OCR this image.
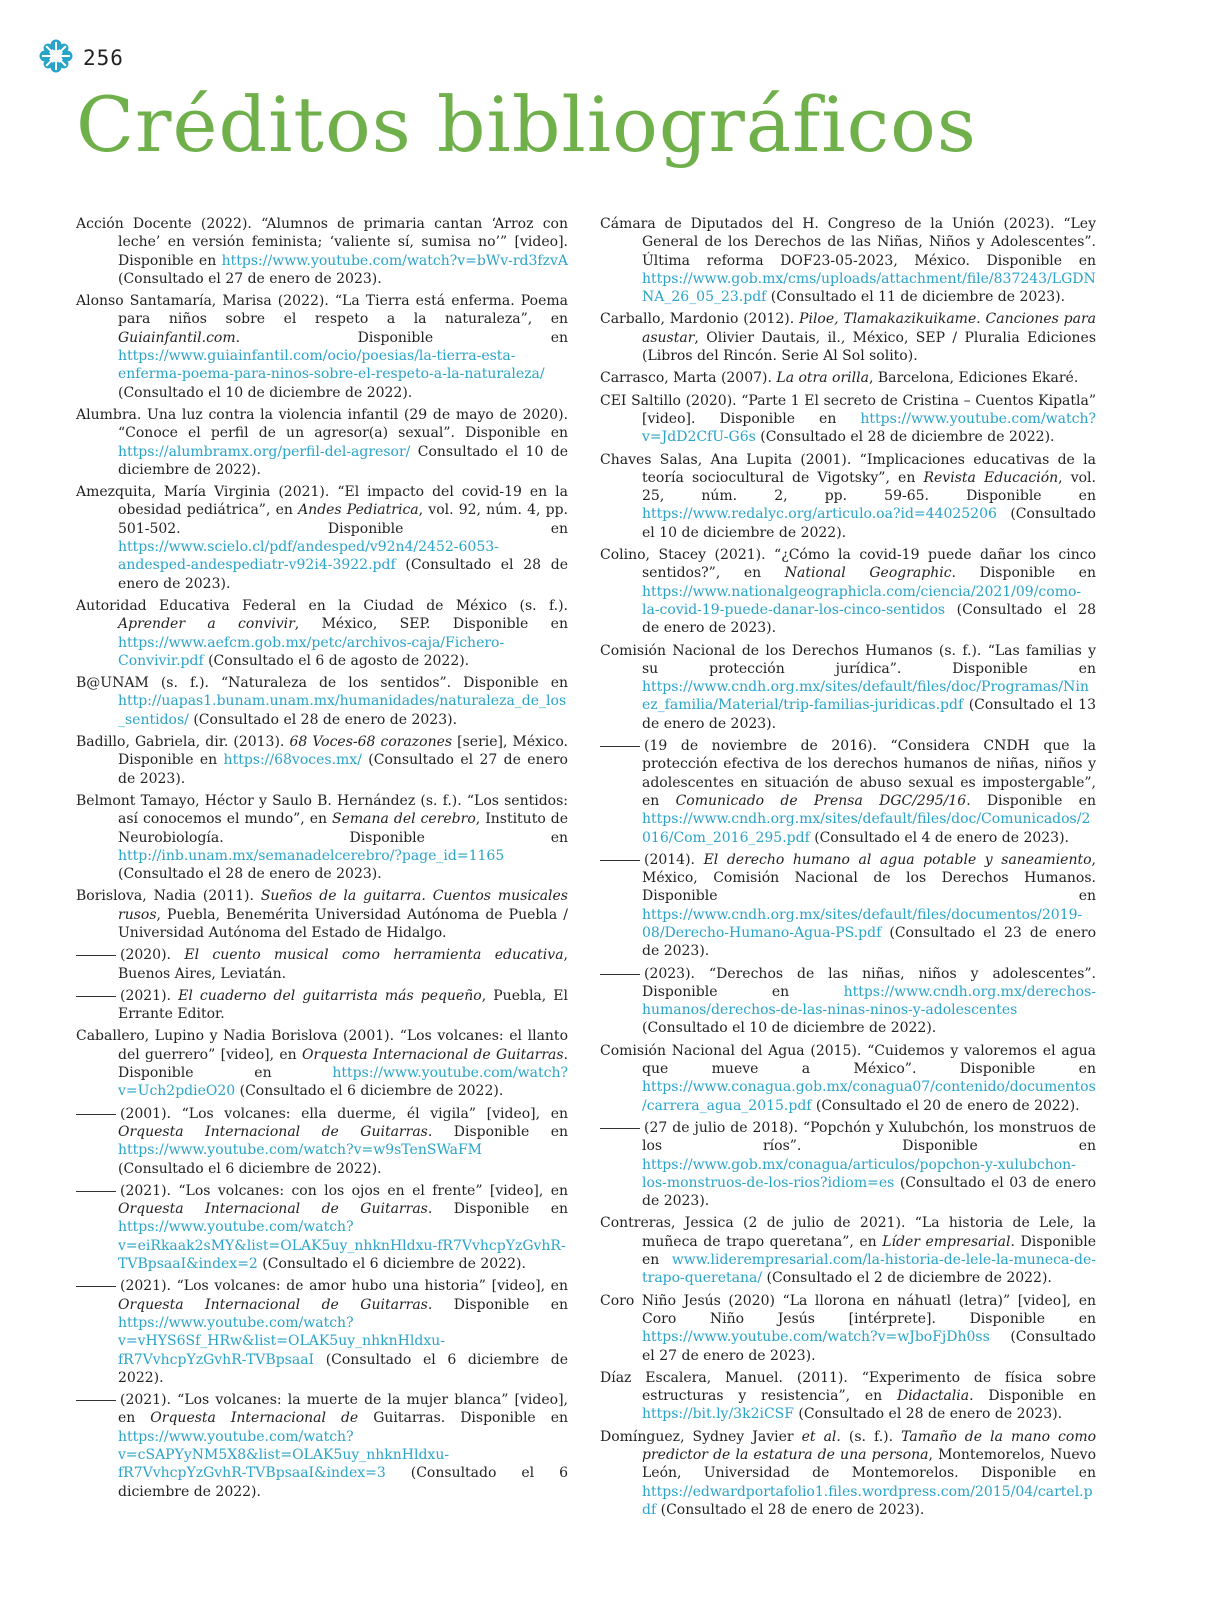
256
Créditos bibliográficos

Acción Docente (2022). “Alumnos de primaria cantan ‘Arroz con leche’ en versión feminista; ‘valiente sí, sumisa no’” [video]. Disponible en https://www.youtube.com/watch?v=bWv-rd3fzvA (Consultado el 27 de enero de 2023).

Alonso Santamaría, Marisa (2022). “La Tierra está enferma. Poema para niños sobre el respeto a la naturaleza”, en Guiainfantil.com. Disponible en https://www.guiainfantil.com/ocio/poesias/la-tierra-esta-enferma-poema-para-ninos-sobre-el-respeto-a-la-naturaleza/ (Consultado el 10 de diciembre de 2022).

Alumbra. Una luz contra la violencia infantil (29 de mayo de 2020). “Conoce el perfil de un agresor(a) sexual”. Disponible en https://alumbramx.org/perfil-del-agresor/ Consultado el 10 de diciembre de 2022).

Amezquita, María Virginia (2021). “El impacto del covid-19 en la obesidad pediátrica”, en Andes Pediatrica, vol. 92, núm. 4, pp. 501-502. Disponible en https://www.scielo.cl/pdf/andesped/v92n4/2452-6053-andesped-andespediatr-v92i4-3922.pdf (Consultado el 28 de enero de 2023).

Autoridad Educativa Federal en la Ciudad de México (s. f.). Aprender a convivir, México, SEP. Disponible en https://www.aefcm.gob.mx/petc/archivos-caja/Fichero-Convivir.pdf (Consultado el 6 de agosto de 2022).

B@UNAM (s. f.). “Naturaleza de los sentidos”. Disponible en http://uapas1.bunam.unam.mx/humanidades/naturaleza_de_los_sentidos/ (Consultado el 28 de enero de 2023).

Badillo, Gabriela, dir. (2013). 68 Voces-68 corazones [serie], México. Disponible en https://68voces.mx/ (Consultado el 27 de enero de 2023).

Belmont Tamayo, Héctor y Saulo B. Hernández (s. f.). “Los sentidos: así conocemos el mundo”, en Semana del cerebro, Instituto de Neurobiología. Disponible en http://inb.unam.mx/semanadelcerebro/?page_id=1165 (Consultado el 28 de enero de 2023).

Borislova, Nadia (2011). Sueños de la guitarra. Cuentos musicales rusos, Puebla, Benemérita Universidad Autónoma de Puebla / Universidad Autónoma del Estado de Hidalgo.

(2020). El cuento musical como herramienta educativa, Buenos Aires, Leviatán.

(2021). El cuaderno del guitarrista más pequeño, Puebla, El Errante Editor.

Caballero, Lupino y Nadia Borislova (2001). “Los volcanes: el llanto del guerrero” [video], en Orquesta Internacional de Guitarras. Disponible en https://www.youtube.com/watch?v=Uch2pdieO20 (Consultado el 6 diciembre de 2022).

(2001). “Los volcanes: ella duerme, él vigila” [video], en Orquesta Internacional de Guitarras. Disponible en https://www.youtube.com/watch?v=w9sTenSWaFM (Consultado el 6 diciembre de 2022).

(2021). “Los volcanes: con los ojos en el frente” [video], en Orquesta Internacional de Guitarras. Disponible en https://www.youtube.com/watch?v=eiRkaak2sMY&list=OLAK5uy_nhknHldxu-fR7VvhcpYzGvhR-TVBpsaaI&index=2 (Consultado el 6 diciembre de 2022).

(2021). “Los volcanes: de amor hubo una historia” [video], en Orquesta Internacional de Guitarras. Disponible en https://www.youtube.com/watch?v=vHYS6Sf_HRw&list=OLAK5uy_nhknHldxu-fR7VvhcpYzGvhR-TVBpsaaI (Consultado el 6 diciembre de 2022).

(2021). “Los volcanes: la muerte de la mujer blanca” [video], en Orquesta Internacional de Guitarras. Disponible en https://www.youtube.com/watch?v=cSAPYyNM5X8&list=OLAK5uy_nhknHldxu-fR7VvhcpYzGvhR-TVBpsaaI&index=3 (Consultado el 6 diciembre de 2022).

Cámara de Diputados del H. Congreso de la Unión (2023). “Ley General de los Derechos de las Niñas, Niños y Adolescentes”. Última reforma DOF23-05-2023, México. Disponible en https://www.gob.mx/cms/uploads/attachment/file/837243/LGDNNA_26_05_23.pdf (Consultado el 11 de diciembre de 2023).

Carballo, Mardonio (2012). Piloe, Tlamakazikuikame. Canciones para asustar, Olivier Dautais, il., México, SEP / Pluralia Ediciones (Libros del Rincón. Serie Al Sol solito).

Carrasco, Marta (2007). La otra orilla, Barcelona, Ediciones Ekaré.

CEI Saltillo (2020). “Parte 1 El secreto de Cristina – Cuentos Kipatla” [video]. Disponible en https://www.youtube.com/watch?v=JdD2CfU-G6s (Consultado el 28 de diciembre de 2022).

Chaves Salas, Ana Lupita (2001). “Implicaciones educativas de la teoría sociocultural de Vigotsky”, en Revista Educación, vol. 25, núm. 2, pp. 59-65. Disponible en https://www.redalyc.org/articulo.oa?id=44025206 (Consultado el 10 de diciembre de 2022).

Colino, Stacey (2021). “¿Cómo la covid-19 puede dañar los cinco sentidos?”, en National Geographic. Disponible en https://www.nationalgeographicla.com/ciencia/2021/09/como-la-covid-19-puede-danar-los-cinco-sentidos (Consultado el 28 de enero de 2023).

Comisión Nacional de los Derechos Humanos (s. f.). “Las familias y su protección jurídica”. Disponible en https://www.cndh.org.mx/sites/default/files/doc/Programas/Ninez_familia/Material/trip-familias-juridicas.pdf (Consultado el 13 de enero de 2023).

(19 de noviembre de 2016). “Considera CNDH que la protección efectiva de los derechos humanos de niñas, niños y adolescentes en situación de abuso sexual es impostergable”, en Comunicado de Prensa DGC/295/16. Disponible en https://www.cndh.org.mx/sites/default/files/doc/Comunicados/2016/Com_2016_295.pdf (Consultado el 4 de enero de 2023).

(2014). El derecho humano al agua potable y saneamiento, México, Comisión Nacional de los Derechos Humanos. Disponible en https://www.cndh.org.mx/sites/default/files/documentos/2019-08/Derecho-Humano-Agua-PS.pdf (Consultado el 23 de enero de 2023).

(2023). “Derechos de las niñas, niños y adolescentes”. Disponible en https://www.cndh.org.mx/derechos-humanos/derechos-de-las-ninas-ninos-y-adolescentes (Consultado el 10 de diciembre de 2022).

Comisión Nacional del Agua (2015). “Cuidemos y valoremos el agua que mueve a México”. Disponible en https://www.conagua.gob.mx/conagua07/contenido/documentos/carrera_agua_2015.pdf (Consultado el 20 de enero de 2022).

(27 de julio de 2018). “Popchón y Xulubchón, los monstruos de los ríos”. Disponible en https://www.gob.mx/conagua/articulos/popchon-y-xulubchon-los-monstruos-de-los-rios?idiom=es (Consultado el 03 de enero de 2023).

Contreras, Jessica (2 de julio de 2021). “La historia de Lele, la muñeca de trapo queretana”, en Líder empresarial. Disponible en www.liderempresarial.com/la-historia-de-lele-la-muneca-de-trapo-queretana/ (Consultado el 2 de diciembre de 2022).

Coro Niño Jesús (2020) “La llorona en náhuatl (letra)” [video], en Coro Niño Jesús [intérprete]. Disponible en https://www.youtube.com/watch?v=wJboFjDh0ss (Consultado el 27 de enero de 2023).

Díaz Escalera, Manuel. (2011). “Experimento de física sobre estructuras y resistencia”, en Didactalia. Disponible en https://bit.ly/3k2iCSF (Consultado el 28 de enero de 2023).

Domínguez, Sydney Javier et al. (s. f.). Tamaño de la mano como predictor de la estatura de una persona, Montemorelos, Nuevo León, Universidad de Montemorelos. Disponible en https://edwardportafolio1.files.wordpress.com/2015/04/cartel.pdf (Consultado el 28 de enero de 2023).
